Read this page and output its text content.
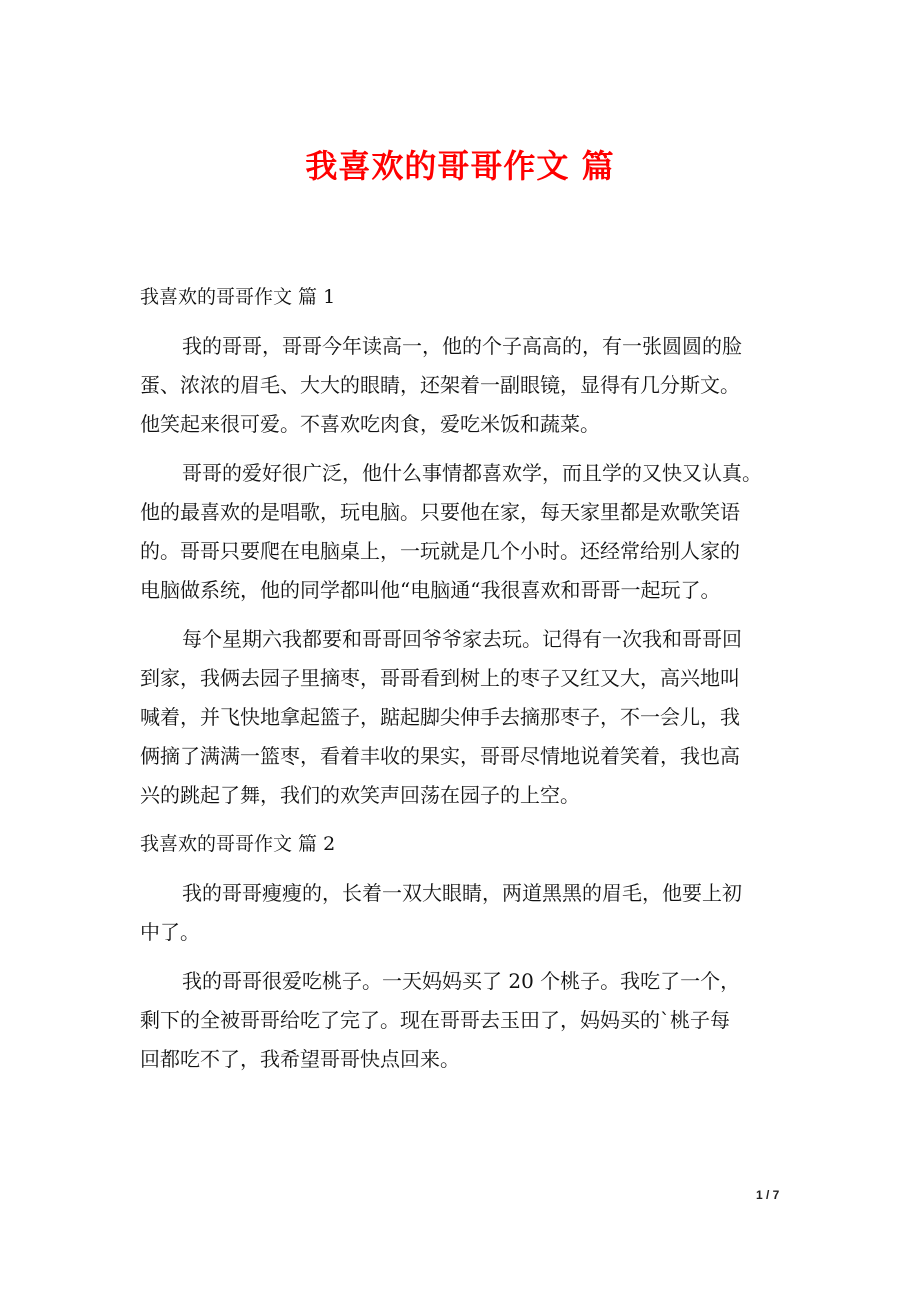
我喜欢的哥哥作文 篇
我喜欢的哥哥作文 篇 1
我的哥哥，哥哥今年读高一，他的个子高高的，有一张圆圆的脸
蛋、浓浓的眉毛、大大的眼睛，还架着一副眼镜，显得有几分斯文。
他笑起来很可爱。不喜欢吃肉食，爱吃米饭和蔬菜。
哥哥的爱好很广泛，他什么事情都喜欢学，而且学的又快又认真。
他的最喜欢的是唱歌，玩电脑。只要他在家，每天家里都是欢歌笑语
的。哥哥只要爬在电脑桌上，一玩就是几个小时。还经常给别人家的
电脑做系统，他的同学都叫他“电脑通“我很喜欢和哥哥一起玩了。
每个星期六我都要和哥哥回爷爷家去玩。记得有一次我和哥哥回
到家，我俩去园子里摘枣，哥哥看到树上的枣子又红又大，高兴地叫
喊着，并飞快地拿起篮子，踮起脚尖伸手去摘那枣子，不一会儿，我
俩摘了满满一篮枣，看着丰收的果实，哥哥尽情地说着笑着，我也高
兴的跳起了舞，我们的欢笑声回荡在园子的上空。
我喜欢的哥哥作文 篇 2
我的哥哥瘦瘦的，长着一双大眼睛，两道黑黑的眉毛，他要上初
中了。
我的哥哥很爱吃桃子。一天妈妈买了 20 个桃子。我吃了一个，
剩下的全被哥哥给吃了完了。现在哥哥去玉田了，妈妈买的`桃子每
回都吃不了，我希望哥哥快点回来。
1 / 7
